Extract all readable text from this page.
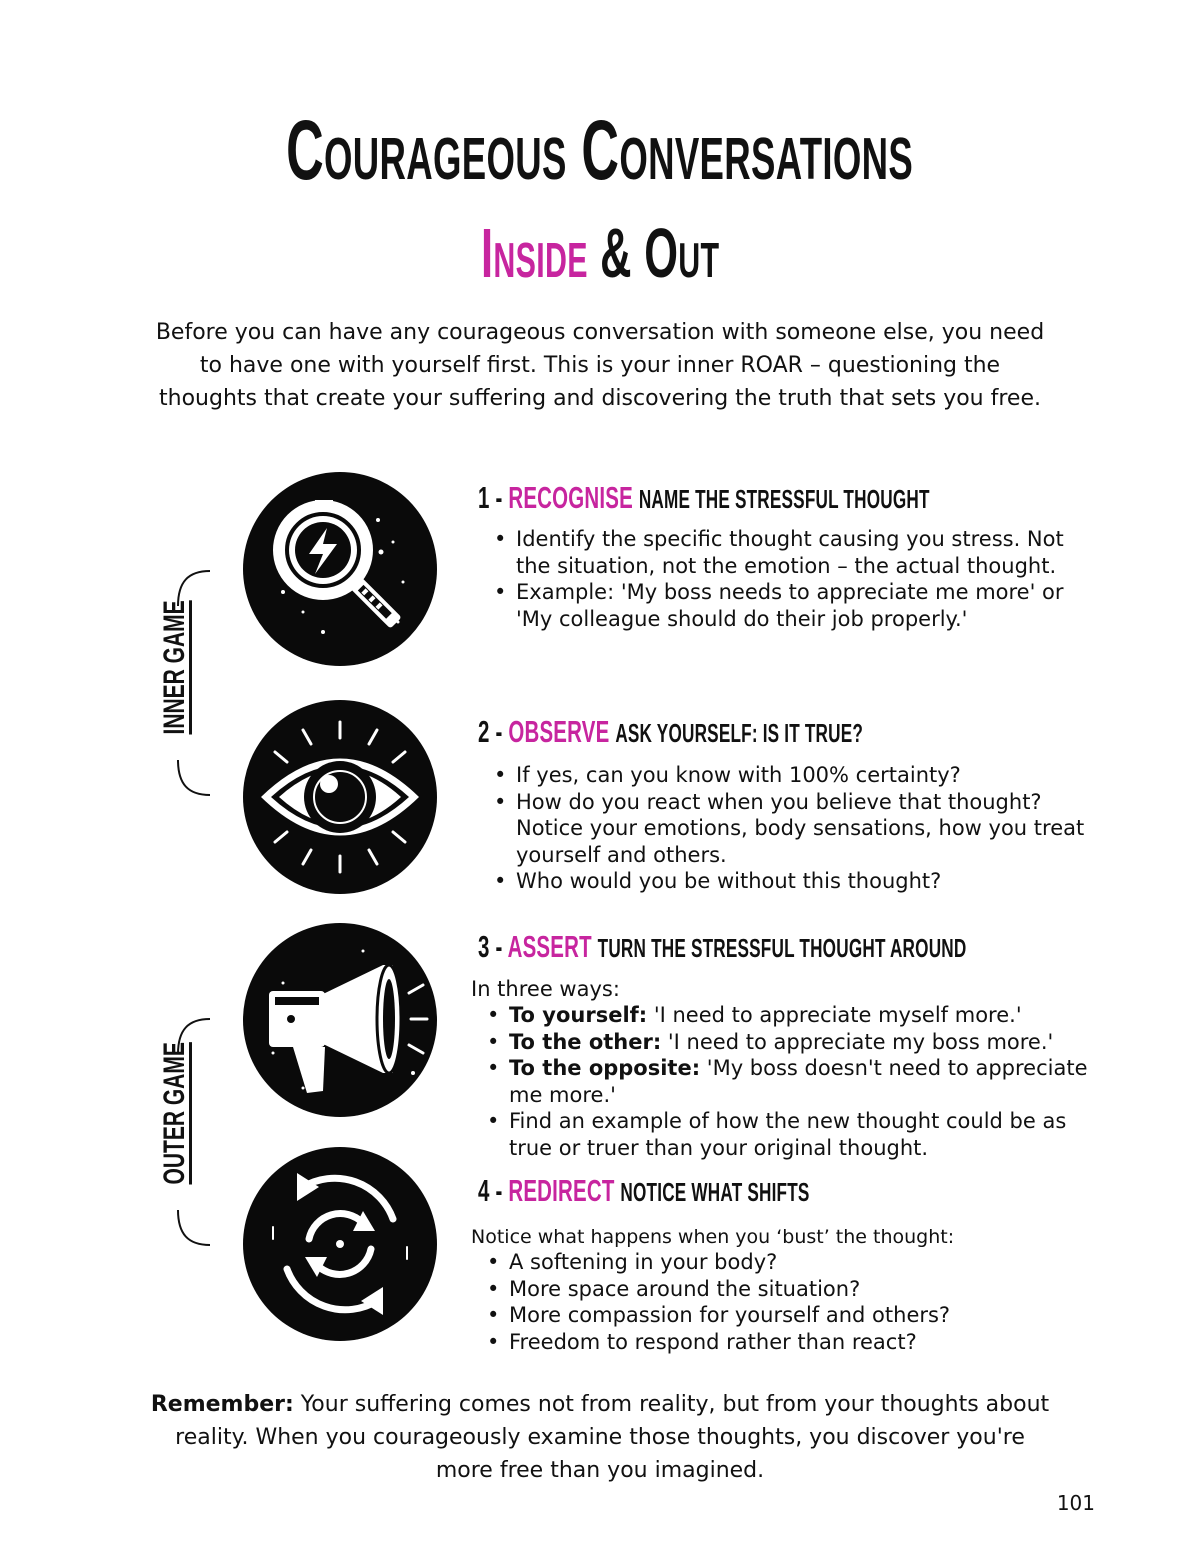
Courageous Conversations
Inside & Out
Before you can have any courageous conversation with someone else, you need to have one with yourself first. This is your inner ROAR – questioning the thoughts that create your suffering and discovering the truth that sets you free.
INNER GAME
OUTER GAME
1 - RECOGNISE NAME THE STRESSFUL THOUGHT
• Identify the specific thought causing you stress. Not the situation, not the emotion – the actual thought.
• Example: 'My boss needs to appreciate me more' or 'My colleague should do their job properly.'
2 - OBSERVE ASK YOURSELF: IS IT TRUE?
• If yes, can you know with 100% certainty?
• How do you react when you believe that thought? Notice your emotions, body sensations, how you treat yourself and others.
• Who would you be without this thought?
3 - ASSERT TURN THE STRESSFUL THOUGHT AROUND
In three ways:
• To yourself: 'I need to appreciate myself more.'
• To the other: 'I need to appreciate my boss more.'
• To the opposite: 'My boss doesn't need to appreciate me more.'
• Find an example of how the new thought could be as true or truer than your original thought.
4 - REDIRECT NOTICE WHAT SHIFTS
Notice what happens when you ‘bust’ the thought:
• A softening in your body?
• More space around the situation?
• More compassion for yourself and others?
• Freedom to respond rather than react?
Remember: Your suffering comes not from reality, but from your thoughts about reality. When you courageously examine those thoughts, you discover you're more free than you imagined.
101
